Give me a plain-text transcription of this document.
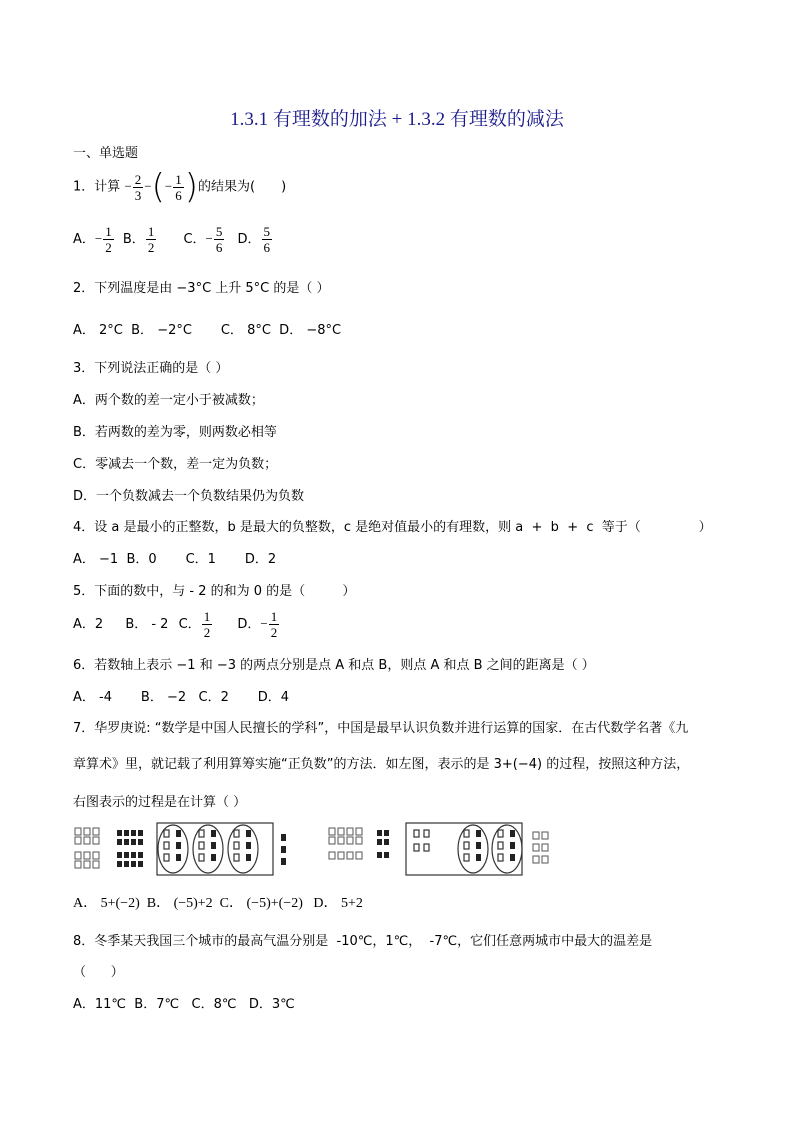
1.3.1 有理数的加法 + 1.3.2 有理数的减法
一、单选题
1．计算 − $\frac{2}{3}$ −(− $\frac{1}{6}$ )的结果为(　　)
A．− $\frac{1}{2}$ B． $\frac{1}{2}$ C．− $\frac{5}{6}$ D． $\frac{5}{6}$
2．下列温度是由 −3°C 上升 5°C 的是（ ）
A． 2°C  B． −2°C       C． 8°C  D． −8°C
3．下列说法正确的是（ ）
A．两个数的差一定小于被减数；
B．若两数的差为零，则两数必相等
C．零减去一个数，差一定为负数；
D．一个负数减去一个负数结果仍为负数
4．设 a 是最小的正整数，b 是最大的负整数，c 是绝对值最小的有理数，则 a  +  b  +  c  等于（              ）
A． −1  B．0       C．1       D．2
5．下面的数中，与 - 2 的和为 0 的是（         ）
A．2 B． - 2 C． $\frac{1}{2}$ D．− $\frac{1}{2}$
6．若数轴上表示 −1 和 −3 的两点分别是点 A 和点 B，则点 A 和点 B 之间的距离是（ ）
A． -4       B． −2   C．2       D．4
7．华罗庚说: “数学是中国人民擅长的学科”，中国是最早认识负数并进行运算的国家．在古代数学名著《九
章算术》里，就记载了利用算筹实施“正负数”的方法．如左图，表示的是 3+(−4) 的过程，按照这种方法，
右图表示的过程是在计算（ ）
A． 5+(−2)  B． (−5)+2  C． (−5)+(−2)   D． 5+2
8．冬季某天我国三个城市的最高气温分别是  -10℃，1℃，  -7℃，它们任意两城市中最大的温差是
（      ）
A．11℃  B．7℃   C．8℃   D．3℃
